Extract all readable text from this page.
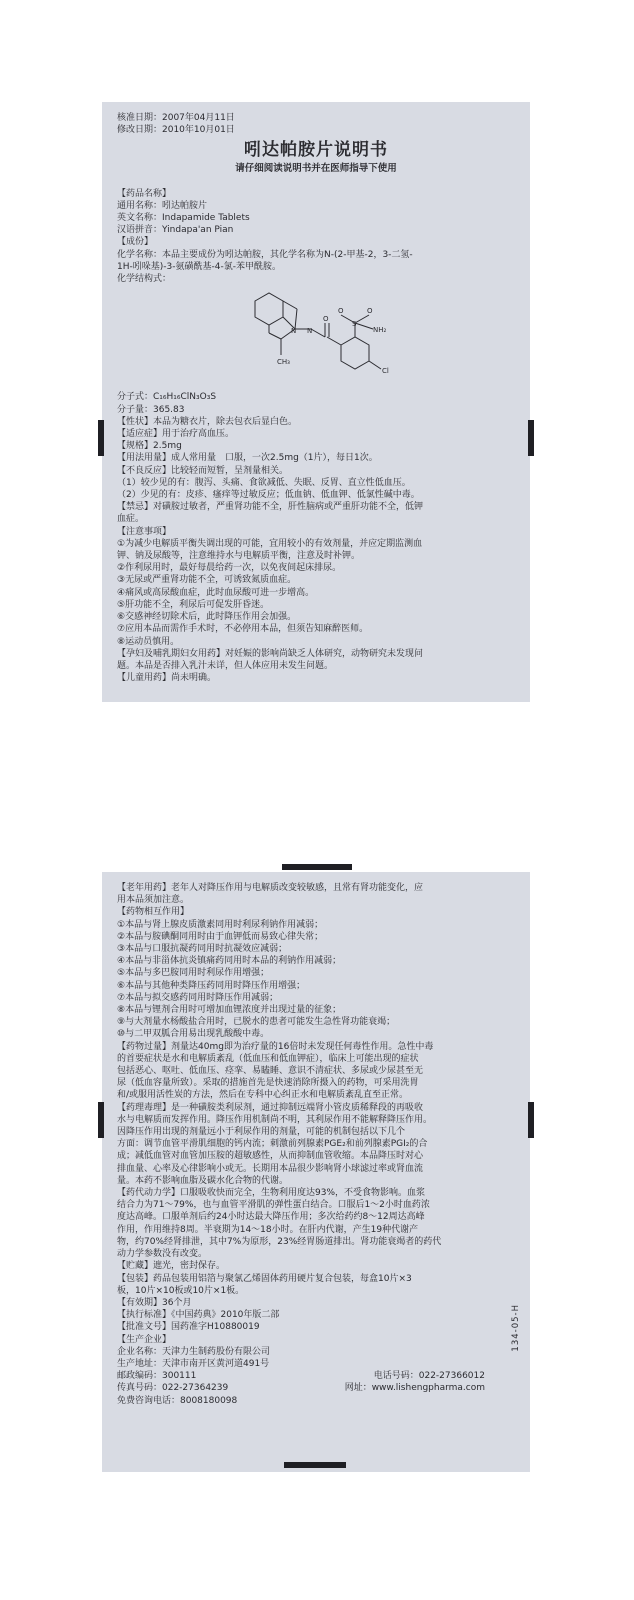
核准日期：2007年04月11日
修改日期：2010年10月01日
吲达帕胺片说明书
请仔细阅读说明书并在医师指导下使用
【药品名称】
通用名称：吲达帕胺片
英文名称：Indapamide Tablets
汉语拼音：Yindapa'an Pian
【成份】
化学名称：本品主要成份为吲达帕胺，其化学名称为N-(2-甲基-2，3-二氢-
1H-吲哚基)-3-氨磺酰基-4-氯-苯甲酰胺。
化学结构式：
N N
O
S
O	O
NH₂
Cl
CH₃
分子式：C₁₆H₁₆ClN₃O₃S
分子量：365.83
【性状】本品为糖衣片，除去包衣后显白色。
【适应症】用于治疗高血压。
【规格】2.5mg
【用法用量】成人常用量　口服，一次2.5mg（1片），每日1次。
【不良反应】比较轻而短暂，呈剂量相关。
（1）较少见的有：腹泻、头痛、食欲减低、失眠、反胃、直立性低血压。
（2）少见的有：皮疹、瘙痒等过敏反应；低血钠、低血钾、低氯性碱中毒。
【禁忌】对磺胺过敏者，严重肾功能不全，肝性脑病或严重肝功能不全，低钾
血症。
【注意事项】
①为减少电解质平衡失调出现的可能，宜用较小的有效剂量，并应定期监测血
钾、钠及尿酸等，注意维持水与电解质平衡，注意及时补钾。
②作利尿用时，最好每晨给药一次，以免夜间起床排尿。
③无尿或严重肾功能不全，可诱致氮质血症。
④痛风或高尿酸血症，此时血尿酸可进一步增高。
⑤肝功能不全，利尿后可促发肝昏迷。
⑥交感神经切除术后，此时降压作用会加强。
⑦应用本品而需作手术时，不必停用本品，但须告知麻醉医师。
⑧运动员慎用。
【孕妇及哺乳期妇女用药】对妊娠的影响尚缺乏人体研究，动物研究未发现问
题。本品是否排入乳汁未详，但人体应用未发生问题。
【儿童用药】尚未明确。
【老年用药】老年人对降压作用与电解质改变较敏感，且常有肾功能变化，应
用本品须加注意。
【药物相互作用】
①本品与肾上腺皮质激素同用时利尿利钠作用减弱；
②本品与胺碘酮同用时由于血钾低而易致心律失常；
③本品与口服抗凝药同用时抗凝效应减弱；
④本品与非甾体抗炎镇痛药同用时本品的利钠作用减弱；
⑤本品与多巴胺同用时利尿作用增强；
⑥本品与其他种类降压药同用时降压作用增强；
⑦本品与拟交感药同用时降压作用减弱；
⑧本品与锂剂合用时可增加血锂浓度并出现过量的征象；
⑨与大剂量水杨酸盐合用时，已脱水的患者可能发生急性肾功能衰竭；
⑩与二甲双胍合用易出现乳酸酸中毒。
【药物过量】剂量达40mg即为治疗量的16倍时未发现任何毒性作用。急性中毒
的首要症状是水和电解质紊乱（低血压和低血钾症），临床上可能出现的症状
包括恶心、呕吐、低血压、痉挛、易瞌睡、意识不清症状、多尿或少尿甚至无
尿（低血容量所致）。采取的措施首先是快速消除所摄入的药物，可采用洗胃
和/或服用活性炭的方法，然后在专科中心纠正水和电解质紊乱直至正常。
【药理毒理】是一种磺胺类利尿剂，通过抑制远端肾小管皮质稀释段的再吸收
水与电解质而发挥作用。降压作用机制尚不明，其利尿作用不能解释降压作用。
因降压作用出现的剂量远小于利尿作用的剂量，可能的机制包括以下几个
方面：调节血管平滑肌细胞的钙内流；刺激前列腺素PGE₂和前列腺素PGI₂的合
成；减低血管对血管加压胺的超敏感性，从而抑制血管收缩。本品降压时对心
排血量、心率及心律影响小或无。长期用本品很少影响肾小球滤过率或肾血流
量。本药不影响血脂及碳水化合物的代谢。
【药代动力学】口服吸收快而完全，生物利用度达93%，不受食物影响。血浆
结合力为71～79%，也与血管平滑肌的弹性蛋白结合。口服后1～2小时血药浓
度达高峰。口服单剂后约24小时达最大降压作用；多次给药约8～12周达高峰
作用，作用维持8周。半衰期为14～18小时。在肝内代谢，产生19种代谢产
物，约70%经肾排泄，其中7%为原形，23%经胃肠道排出。肾功能衰竭者的药代
动力学参数没有改变。
【贮藏】遮光，密封保存。
【包装】药品包装用铝箔与聚氯乙烯固体药用硬片复合包装，每盒10片×3
板，10片×10板或10片×1板。
【有效期】36个月
【执行标准】《中国药典》2010年版二部
【批准文号】国药准字H10880019
【生产企业】
企业名称：天津力生制药股份有限公司
生产地址：天津市南开区黄河道491号
邮政编码：300111	电话号码：022-27366012
传真号码：022-27364239	网址：www.lishengpharma.com
免费咨询电话：8008180098
134-05-H
